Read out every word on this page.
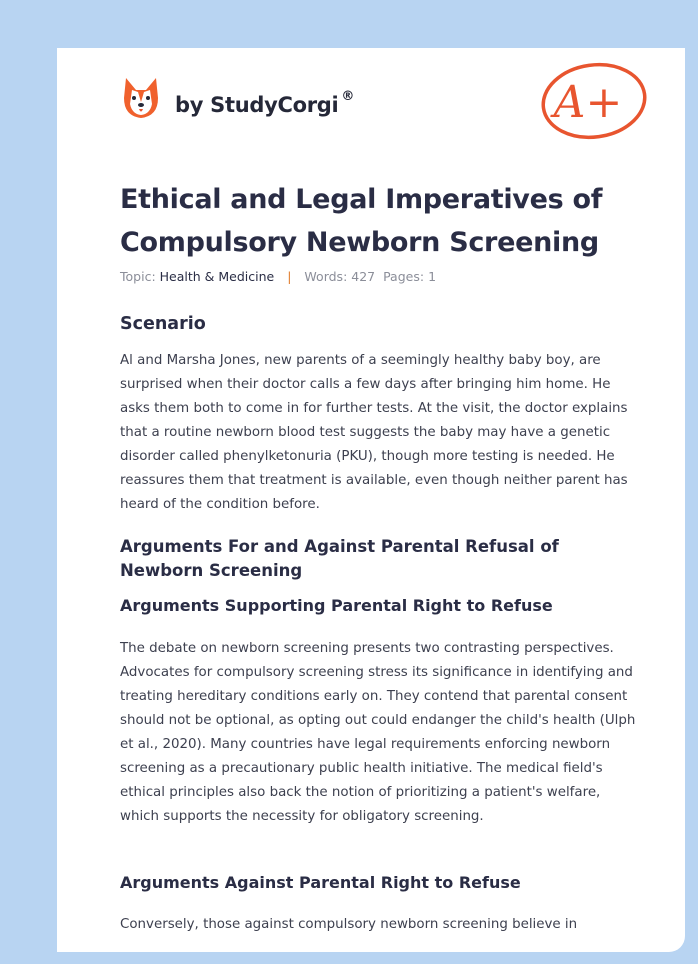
by StudyCorgi ®	A+
Ethical and Legal Imperatives of Compulsory Newborn Screening
Topic: Health & Medicine | Words: 427 Pages: 1
Scenario

Al and Marsha Jones, new parents of a seemingly healthy baby boy, are surprised when their doctor calls a few days after bringing him home. He asks them both to come in for further tests. At the visit, the doctor explains that a routine newborn blood test suggests the baby may have a genetic disorder called phenylketonuria (PKU), though more testing is needed. He reassures them that treatment is available, even though neither parent has heard of the condition before.

Arguments For and Against Parental Refusal of Newborn Screening
Arguments Supporting Parental Right to Refuse

The debate on newborn screening presents two contrasting perspectives. Advocates for compulsory screening stress its significance in identifying and treating hereditary conditions early on. They contend that parental consent should not be optional, as opting out could endanger the child's health (Ulph et al., 2020). Many countries have legal requirements enforcing newborn screening as a precautionary public health initiative. The medical field's ethical principles also back the notion of prioritizing a patient's welfare, which supports the necessity for obligatory screening.

Arguments Against Parental Right to Refuse

Conversely, those against compulsory newborn screening believe in
